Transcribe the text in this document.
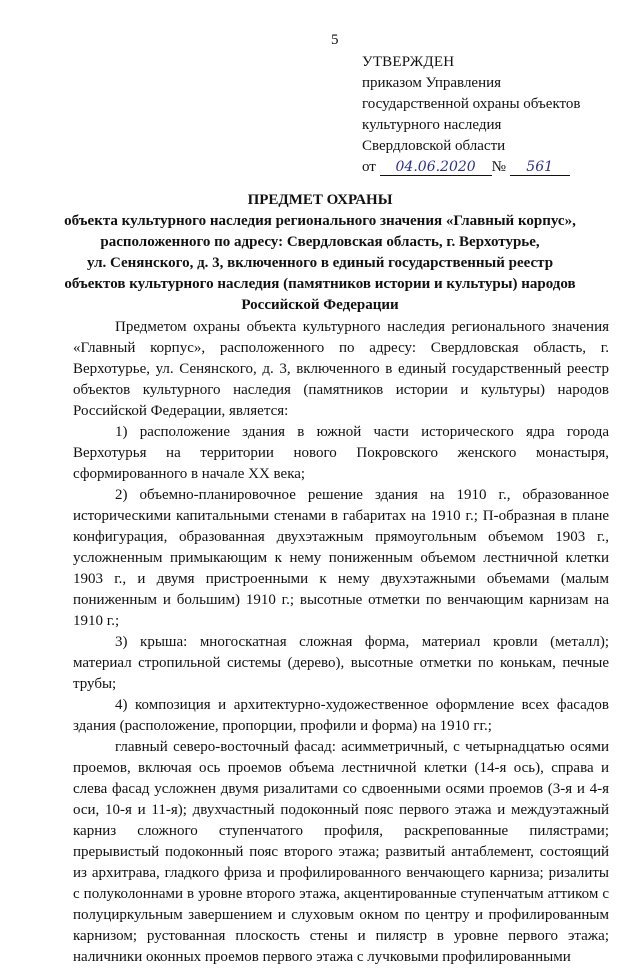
5
УТВЕРЖДЕН
приказом Управления
государственной охраны объектов
культурного наследия
Свердловской области
от 04.06.2020 № 561
ПРЕДМЕТ ОХРАНЫ
объекта культурного наследия регионального значения «Главный корпус»,
расположенного по адресу: Свердловская область, г. Верхотурье,
ул. Сенянского, д. 3, включенного в единый государственный реестр
объектов культурного наследия (памятников истории и культуры) народов
Российской Федерации

Предметом охраны объекта культурного наследия регионального значения «Главный корпус», расположенного по адресу: Свердловская область, г. Верхотурье, ул. Сенянского, д. 3, включенного в единый государственный реестр объектов культурного наследия (памятников истории и культуры) народов Российской Федерации, является:

1) расположение здания в южной части исторического ядра города Верхотурья на территории нового Покровского женского монастыря, сформированного в начале XX века;

2) объемно-планировочное решение здания на 1910 г., образованное историческими капитальными стенами в габаритах на 1910 г.; П-образная в плане конфигурация, образованная двухэтажным прямоугольным объемом 1903 г., усложненным примыкающим к нему пониженным объемом лестничной клетки 1903 г., и двумя пристроенными к нему двухэтажными объемами (малым пониженным и большим) 1910 г.; высотные отметки по венчающим карнизам на 1910 г.;

3) крыша: многоскатная сложная форма, материал кровли (металл); материал стропильной системы (дерево), высотные отметки по конькам, печные трубы;

4) композиция и архитектурно-художественное оформление всех фасадов здания (расположение, пропорции, профили и форма) на 1910 гг.;

главный северо-восточный фасад: асимметричный, с четырнадцатью осями проемов, включая ось проемов объема лестничной клетки (14-я ось), справа и слева фасад усложнен двумя ризалитами со сдвоенными осями проемов (3-я и 4-я оси, 10-я и 11-я); двухчастный подоконный пояс первого этажа и междуэтажный карниз сложного ступенчатого профиля, раскрепованные пилястрами; прерывистый подоконный пояс второго этажа; развитый антаблемент, состоящий из архитрава, гладкого фриза и профилированного венчающего карниза; ризалиты с полуколоннами в уровне второго этажа, акцентированные ступенчатым аттиком с полуциркульным завершением и слуховым окном по центру и профилированным карнизом; рустованная плоскость стены и пилястр в уровне первого этажа; наличники оконных проемов первого этажа с лучковыми профилированными
